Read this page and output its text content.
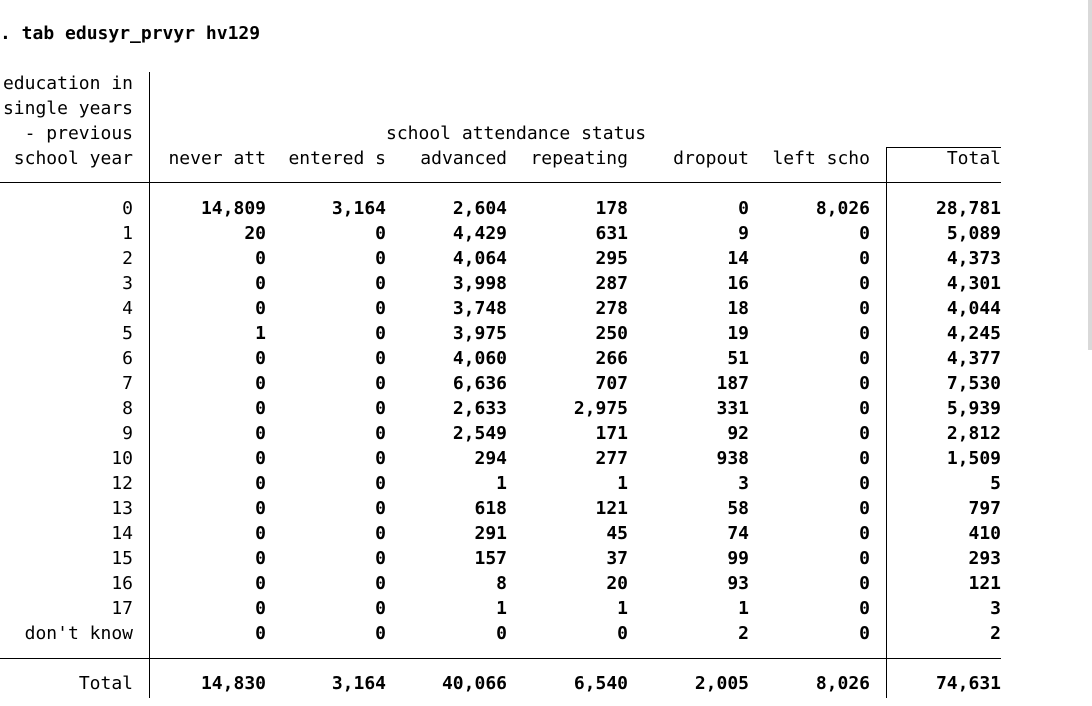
. tab edusyr_prvyr hv129
education in
single years
- previous
school year
school attendance status
never att	entered s	advanced	repeating	dropout	left scho	Total
0	14,809	3,164	2,604	178	0	8,026	28,781
1	20	0	4,429	631	9	0	5,089
2	0	0	4,064	295	14	0	4,373
3	0	0	3,998	287	16	0	4,301
4	0	0	3,748	278	18	0	4,044
5	1	0	3,975	250	19	0	4,245
6	0	0	4,060	266	51	0	4,377
7	0	0	6,636	707	187	0	7,530
8	0	0	2,633	2,975	331	0	5,939
9	0	0	2,549	171	92	0	2,812
10	0	0	294	277	938	0	1,509
12	0	0	1	1	3	0	5
13	0	0	618	121	58	0	797
14	0	0	291	45	74	0	410
15	0	0	157	37	99	0	293
16	0	0	8	20	93	0	121
17	0	0	1	1	1	0	3
don't know	0	0	0	0	2	0	2
Total	14,830	3,164	40,066	6,540	2,005	8,026	74,631
